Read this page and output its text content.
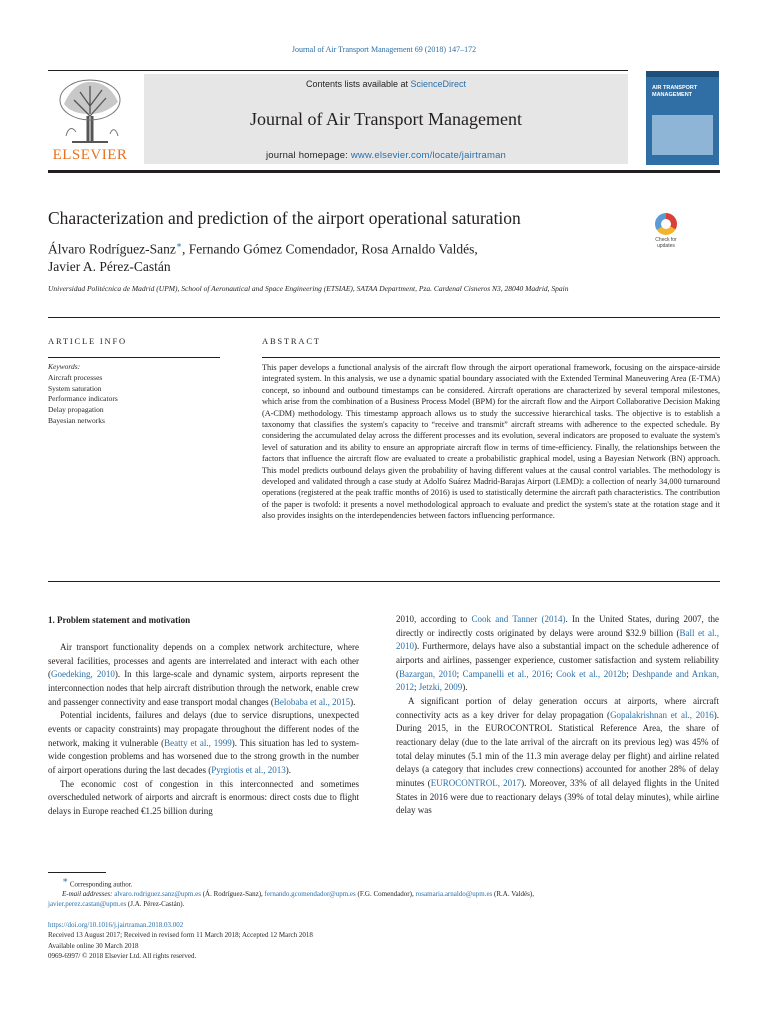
Journal of Air Transport Management 69 (2018) 147–172
ELSEVIER
Contents lists available at ScienceDirect
Journal of Air Transport Management
journal homepage: www.elsevier.com/locate/jairtraman
AIR TRANSPORT MANAGEMENT
Characterization and prediction of the airport operational saturation
Check for updates
Álvaro Rodríguez-Sanz∗, Fernando Gómez Comendador, Rosa Arnaldo Valdés,
Javier A. Pérez-Castán
Universidad Politécnica de Madrid (UPM), School of Aeronautical and Space Engineering (ETSIAE), SATAA Department, Pza. Cardenal Cisneros N3, 28040 Madrid, Spain
ARTICLE INFO	ABSTRACT
Keywords:
Aircraft processes
System saturation
Performance indicators
Delay propagation
Bayesian networks
This paper develops a functional analysis of the aircraft flow through the airport operational framework, focusing on the airspace-airside integrated system. In this analysis, we use a dynamic spatial boundary associated with the Extended Terminal Maneuvering Area (E-TMA) concept, so inbound and outbound timestamps can be considered. Aircraft operations are characterized by several temporal milestones, which arise from the combination of a Business Process Model (BPM) for the aircraft flow and the Airport Collaborative Decision Making (A-CDM) methodology. This timestamp approach allows us to study the successive hierarchical tasks. The objective is to establish a taxonomy that classifies the system's capacity to “receive and transmit” aircraft streams with adherence to the expected schedule. By considering the accumulated delay across the different processes and its evolution, several indicators are proposed to evaluate the system's level of saturation and its ability to ensure an appropriate aircraft flow in terms of time-efficiency. Finally, the relationships between the factors that influence the aircraft flow are evaluated to create a probabilistic graphical model, using a Bayesian Network (BN) approach. This model predicts outbound delays given the probability of having different values at the causal control variables. The methodology is developed and validated through a case study at Adolfo Suárez Madrid-Barajas Airport (LEMD): a collection of nearly 34,000 turnaround operations (registered at the peak traffic months of 2016) is used to statistically determine the aircraft path characteristics. The contribution of the paper is twofold: it presents a novel methodological approach to evaluate and predict the system's state at the rotation stage and it also provides insights on the interdependencies between factors influencing performance.
1. Problem statement and motivation

Air transport functionality depends on a complex network architecture, where several facilities, processes and agents are interrelated and interact with each other (Goedeking, 2010). In this large-scale and dynamic system, airports represent the interconnection nodes that help aircraft distribution through the network, enable crew and passenger connectivity and ease transport modal changes (Belobaba et al., 2015).

Potential incidents, failures and delays (due to service disruptions, unexpected events or capacity constraints) may propagate throughout the different nodes of the network, making it vulnerable (Beatty et al., 1999). This situation has led to system-wide congestion problems and has worsened due to the strong growth in the number of airport operations during the last decades (Pyrgiotis et al., 2013).

The economic cost of congestion in this interconnected and sometimes overscheduled network of airports and aircraft is enormous: direct costs due to flight delays in Europe reached €1.25 billion during

2010, according to Cook and Tanner (2014). In the United States, during 2007, the directly or indirectly costs originated by delays were around $32.9 billion (Ball et al., 2010). Furthermore, delays have also a substantial impact on the schedule adherence of airports and airlines, passenger experience, customer satisfaction and system reliability (Bazargan, 2010; Campanelli et al., 2016; Cook et al., 2012b; Deshpande and Arıkan, 2012; Jetzki, 2009).

A significant portion of delay generation occurs at airports, where aircraft connectivity acts as a key driver for delay propagation (Gopalakrishnan et al., 2016). During 2015, in the EUROCONTROL Statistical Reference Area, the share of reactionary delay (due to the late arrival of the aircraft on its previous leg) was 45% of total delay minutes (5.1 min of the 11.3 min average delay per flight) and airline related delays (a category that includes crew connections) accounted for another 28% of delay minutes (EUROCONTROL, 2017). Moreover, 33% of all delayed flights in the United States in 2016 were due to reactionary delays (39% of total delay minutes), while airline delay was

∗ Corresponding author.
E-mail addresses: alvaro.rodriguez.sanz@upm.es (Á. Rodríguez-Sanz), fernando.gcomendador@upm.es (F.G. Comendador), rosamaria.arnaldo@upm.es (R.A. Valdés),
javier.perez.castan@upm.es (J.A. Pérez-Castán).
https://doi.org/10.1016/j.jairtraman.2018.03.002
Received 13 August 2017; Received in revised form 11 March 2018; Accepted 12 March 2018
Available online 30 March 2018
0969-6997/ © 2018 Elsevier Ltd. All rights reserved.
